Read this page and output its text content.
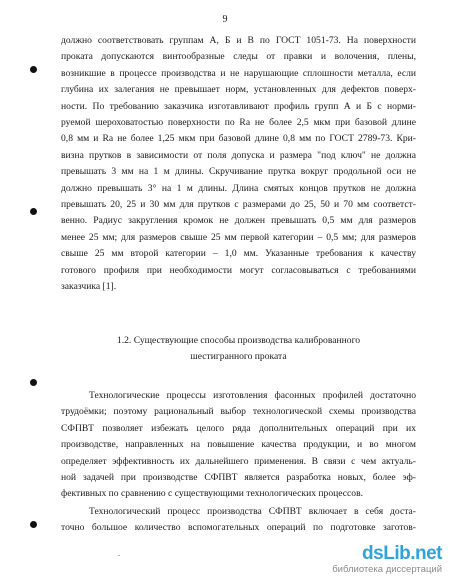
9

должно соответствовать группам А, Б и В по ГОСТ 1051-73. На поверхности

проката допускаются винтообразные следы от правки и волочения, плены,

возникшие в процессе производства и не нарушающие сплошности металла, если

глубина их залегания не превышает норм, установленных для дефектов поверх-

ности. По требованию заказчика изготавливают профиль групп А и Б с норми-

руемой шероховатостью поверхности по Ra не более 2,5 мкм при базовой длине

0,8 мм и Ra не более 1,25 мкм при базовой длине 0,8 мм по ГОСТ 2789-73. Кри-

визна прутков в зависимости от поля допуска и размера "под ключ" не должна

превышать 3 мм на 1 м длины. Скручивание прутка вокруг продольной оси не

должно превышать 3° на 1 м длины. Длина смятых концов прутков не должна

превышать 20, 25 и 30 мм для прутков с размерами до 25, 50 и 70 мм соответст-

венно. Радиус закругления кромок не должен превышать 0,5 мм для размеров

менее 25 мм; для размеров свыше 25 мм первой категории – 0,5 мм; для размеров

свыше 25 мм второй категории – 1,0 мм. Указанные требования к качеству

готового профиля при необходимости могут согласовываться с требованиями

заказчика [1].

1.2. Существующие способы производства калиброванного
шестигранного проката

Технологические процессы изготовления фасонных профилей достаточно

трудоёмки; поэтому рациональный выбор технологической схемы производства

СФПВТ позволяет избежать целого ряда дополнительных операций при их

производстве, направленных на повышение качества продукции, и во многом

определяет эффективность их дальнейшего применения. В связи с чем актуаль-

ной задачей при производстве СФПВТ является разработка новых, более эф-

фективных по сравнению с существующими технологических процессов.

Технологический процесс производства СФПВТ включает в себя доста-

точно большое количество вспомогательных операций по подготовке заготов-

.	dsLib.net
библиотека диссертаций
